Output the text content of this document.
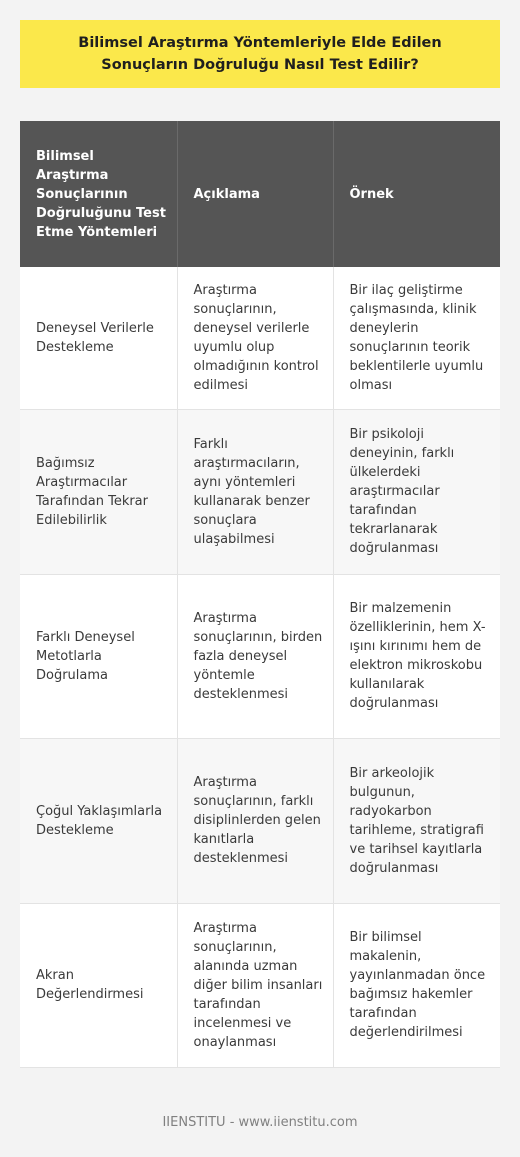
Bilimsel Araştırma Yöntemleriyle Elde Edilen Sonuçların Doğruluğu Nasıl Test Edilir?
Bilimsel Araştırma Sonuçlarının Doğruluğunu Test Etme Yöntemleri	Açıklama	Örnek
Deneysel Verilerle Destekleme	Araştırma sonuçlarının, deneysel verilerle uyumlu olup olmadığının kontrol edilmesi	Bir ilaç geliştirme çalışmasında, klinik deneylerin sonuçlarının teorik beklentilerle uyumlu olması
Bağımsız Araştırmacılar Tarafından Tekrar Edilebilirlik	Farklı araştırmacıların, aynı yöntemleri kullanarak benzer sonuçlara ulaşabilmesi	Bir psikoloji deneyinin, farklı ülkelerdeki araştırmacılar tarafından tekrarlanarak doğrulanması
Farklı Deneysel Metotlarla Doğrulama	Araştırma sonuçlarının, birden fazla deneysel yöntemle desteklenmesi	Bir malzemenin özelliklerinin, hem X-ışını kırınımı hem de elektron mikroskobu kullanılarak doğrulanması
Çoğul Yaklaşımlarla Destekleme	Araştırma sonuçlarının, farklı disiplinlerden gelen kanıtlarla desteklenmesi	Bir arkeolojik bulgunun, radyokarbon tarihleme, stratigrafi ve tarihsel kayıtlarla doğrulanması
Akran Değerlendirmesi	Araştırma sonuçlarının, alanında uzman diğer bilim insanları tarafından incelenmesi ve onaylanması	Bir bilimsel makalenin, yayınlanmadan önce bağımsız hakemler tarafından değerlendirilmesi
IIENSTITU - www.iienstitu.com
